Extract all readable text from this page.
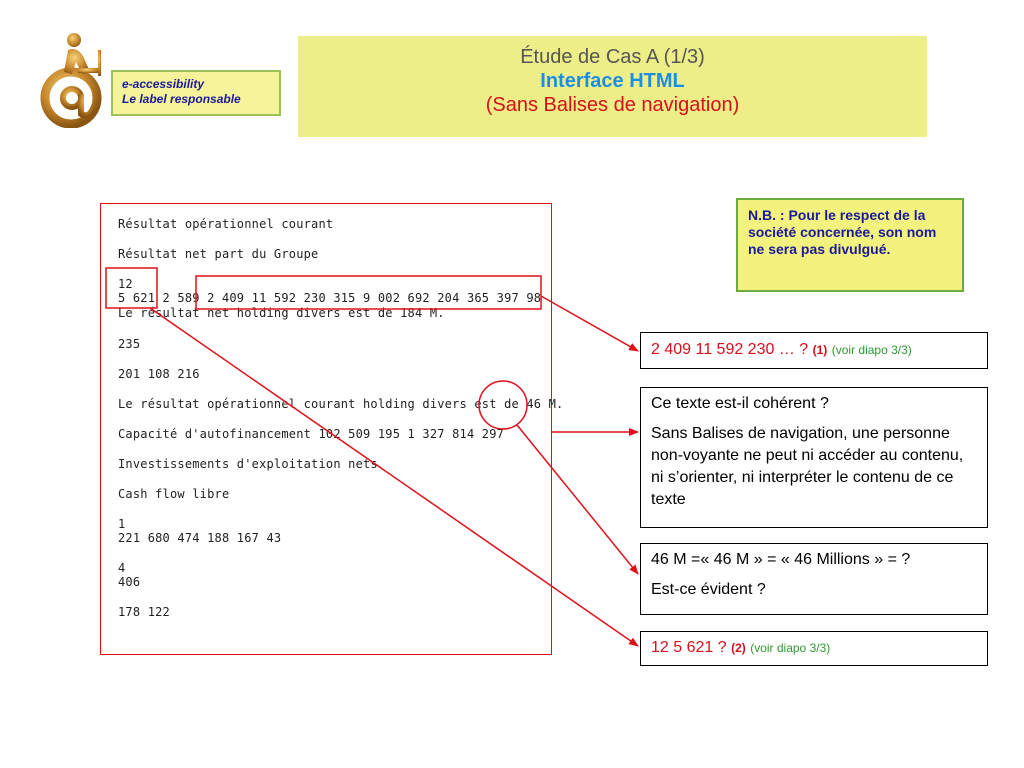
e-accessibility
Le label responsable
Étude de Cas A (1/3)
Interface HTML
(Sans Balises de navigation)
N.B. : Pour le respect de la société concernée, son nom ne sera pas divulgué.
Résultat opérationnel courant
Résultat net part du Groupe
12
5 621 2 589 2 409 11 592 230 315 9 002 692 204 365 397 98
Le résultat net holding divers est de 184 M.
235
201 108 216
Le résultat opérationnel courant holding divers est de 46 M.
Capacité d'autofinancement 102 509 195 1 327 814 297
Investissements d'exploitation nets
Cash flow libre
1
221 680 474 188 167 43
4
406
178 122
2 409 11 592 230 … ? (1) (voir diapo 3/3)

Ce texte est-il cohérent ?

Sans Balises de navigation, une personne non-voyante ne peut ni accéder au contenu, ni s’orienter, ni interpréter le contenu de ce texte

46 M =« 46 M » = « 46 Millions » = ?

Est-ce évident ?

12 5 621 ? (2) (voir diapo 3/3)
